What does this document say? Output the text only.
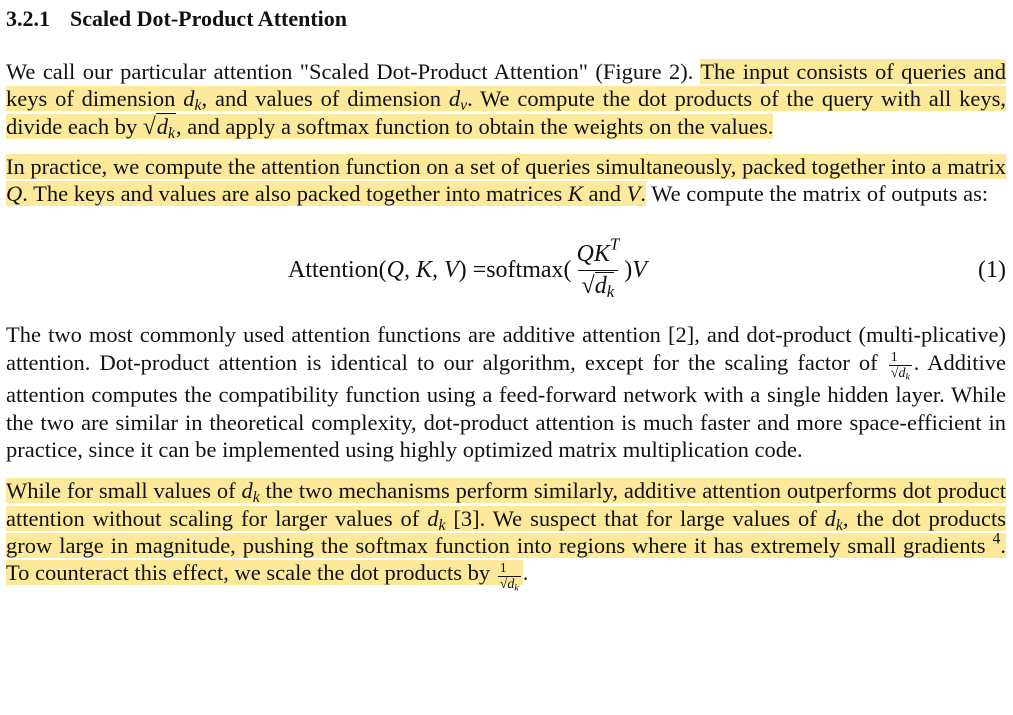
3.2.1 Scaled Dot-Product Attention

We call our particular attention "Scaled Dot-Product Attention" (Figure 2). The input consists of queries and keys of dimension $d_k$, and values of dimension $d_v$. We compute the dot products of the query with all keys, divide each by $√d_k$, and apply a softmax function to obtain the weights on the values.

In practice, we compute the attention function on a set of queries simultaneously, packed together into a matrix Q. The keys and values are also packed together into matrices K and V. We compute the matrix of outputs as:

Attention( Q, K, V ) = softmax(
$QK^T$
$√d_k$
) V	(1)

The two most commonly used attention functions are additive attention [2], and dot-product (multi-plicative) attention. Dot-product attention is identical to our algorithm, except for the scaling factor of $\frac{1}{√d_k}$ . Additive attention computes the compatibility function using a feed-forward network with a single hidden layer. While the two are similar in theoretical complexity, dot-product attention is much faster and more space-efficient in practice, since it can be implemented using highly optimized matrix multiplication code.

While for small values of $d_k$ the two mechanisms perform similarly, additive attention outperforms dot product attention without scaling for larger values of $d_k$ [3]. We suspect that for large values of $d_k$, the dot products grow large in magnitude, pushing the softmax function into regions where it has extremely small gradients $^4$. To counteract this effect, we scale the dot products by $\frac{1}{√d_k}$ .
